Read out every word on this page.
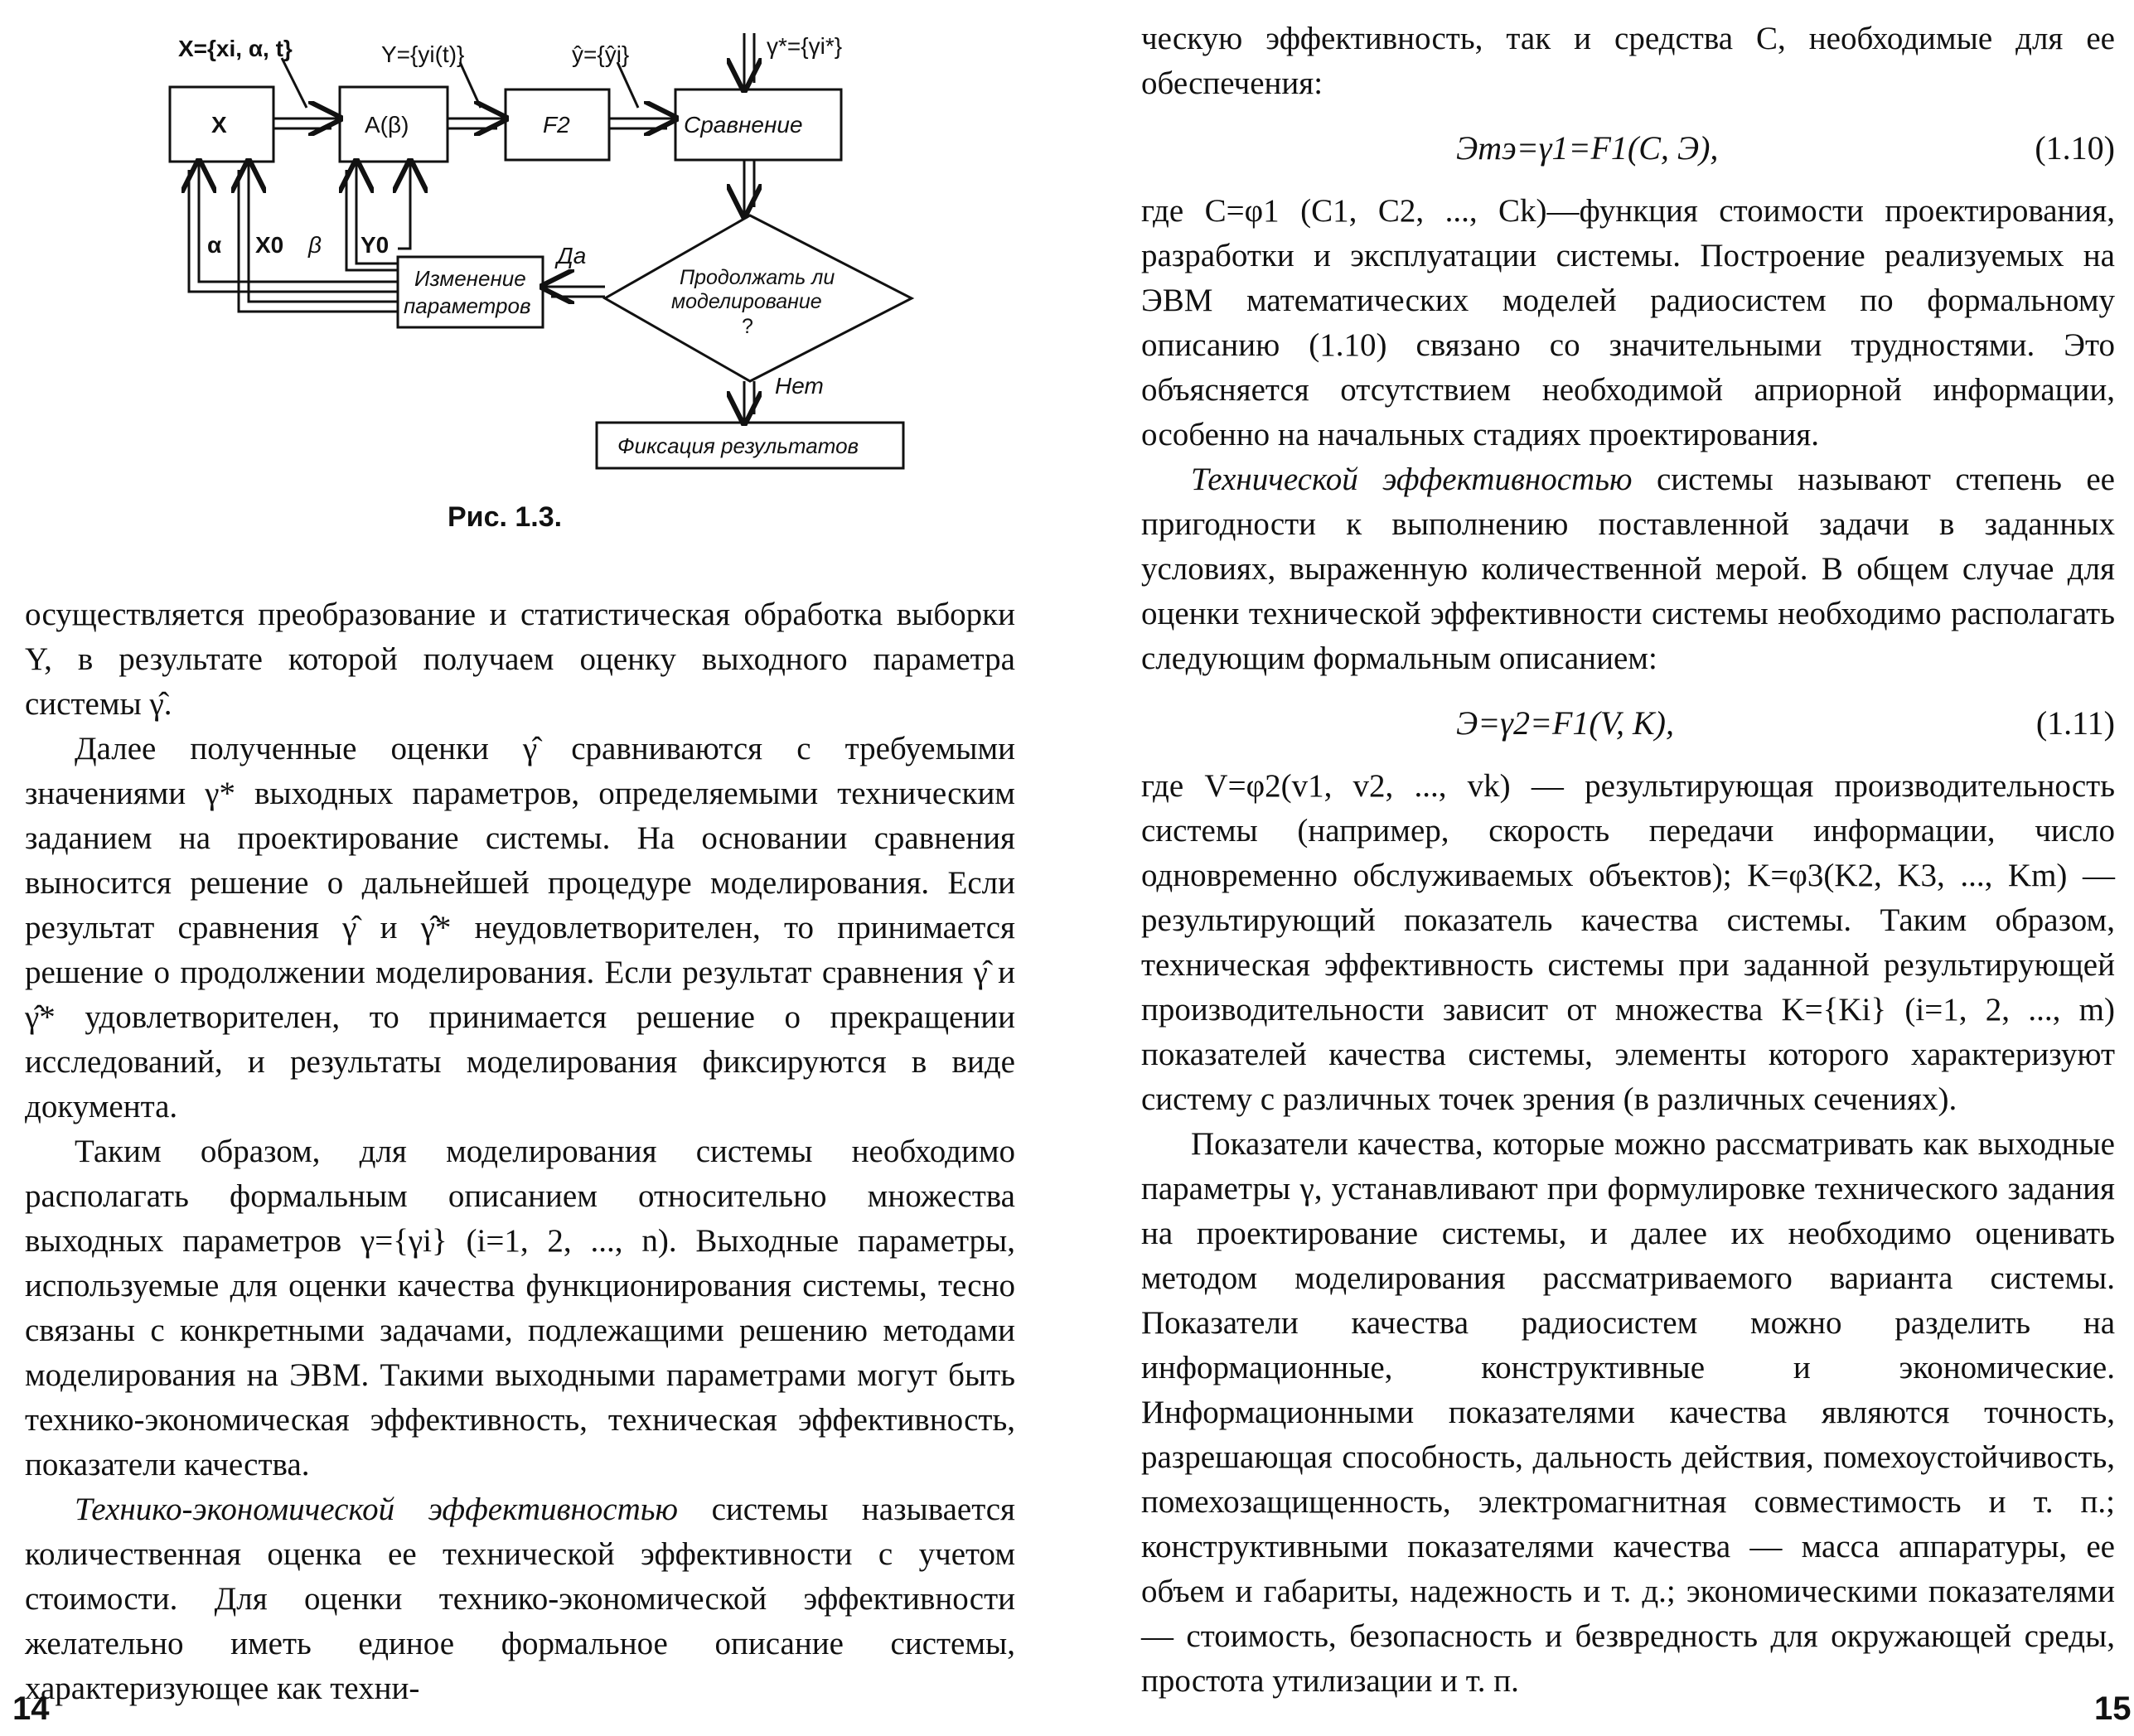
X={xi, α, t}	Y={yi(t)}	ŷ={ŷi}	γ*={γi*}
X	A(β)	F2	Сравнение
Продолжать ли
моделирование
?
Изменение
параметров
Да
Нет
Фиксация результатов
α X0 β Y0
Рис. 1.3.

осуществляется преобразование и статистическая обработка выборки Y, в результате которой получаем оценку выходного параметра системы γ̂.

Далее полученные оценки γ̂ сравниваются с требуемыми значениями γ* выходных параметров, определяемыми техническим заданием на проектирование системы. На основании сравнения выносится решение о дальнейшей процедуре моделирования. Если результат сравнения γ̂ и γ̂* неудовлетворителен, то принимается решение о продолжении моделирования. Если результат сравнения γ̂ и γ̂* удовлетворителен, то принимается решение о прекращении исследований, и результаты моделирования фиксируются в виде документа.

Таким образом, для моделирования системы необходимо располагать формальным описанием относительно множества выходных параметров γ={γi} (i=1, 2, ..., n). Выходные параметры, используемые для оценки качества функционирования системы, тесно связаны с конкретными задачами, подлежащими решению методами моделирования на ЭВМ. Такими выходными параметрами могут быть технико-экономическая эффективность, техническая эффективность, показатели качества.

Технико-экономической эффективностью системы называется количественная оценка ее технической эффективности с учетом стоимости. Для оценки технико-экономической эффективности желательно иметь единое формальное описание системы, характеризующее как техни-

14

ческую эффективность, так и средства C, необходимые для ее обеспечения:

Этэ=γ1=F1(C, Э),	(1.10)

где C=φ1 (C1, C2, ..., Ck)—функция стоимости проектирования, разработки и эксплуатации системы. Построение реализуемых на ЭВМ математических моделей радиосистем по формальному описанию (1.10) связано со значительными трудностями. Это объясняется отсутствием необходимой априорной информации, особенно на начальных стадиях проектирования.

Технической эффективностью системы называют степень ее пригодности к выполнению поставленной задачи в заданных условиях, выраженную количественной мерой. В общем случае для оценки технической эффективности системы необходимо располагать следующим формальным описанием:

Э=γ2=F1(V, K),	(1.11)

где V=φ2(v1, v2, ..., vk) — результирующая производительность системы (например, скорость передачи информации, число одновременно обслуживаемых объектов); K=φ3(K2, K3, ..., Km) — результирующий показатель качества системы. Таким образом, техническая эффективность системы при заданной результирующей производительности зависит от множества K={Ki} (i=1, 2, ..., m) показателей качества системы, элементы которого характеризуют систему с различных точек зрения (в различных сечениях).

Показатели качества, которые можно рассматривать как выходные параметры γ, устанавливают при формулировке технического задания на проектирование системы, и далее их необходимо оценивать методом моделирования рассматриваемого варианта системы. Показатели качества радиосистем можно разделить на информационные, конструктивные и экономические. Информационными показателями качества являются точность, разрешающая способность, дальность действия, помехоустойчивость, помехозащищенность, электромагнитная совместимость и т. п.; конструктивными показателями качества — масса аппаратуры, ее объем и габариты, надежность и т. д.; экономическими показателями — стоимость, безопасность и безвредность для окружающей среды, простота утилизации и т. п.

15
